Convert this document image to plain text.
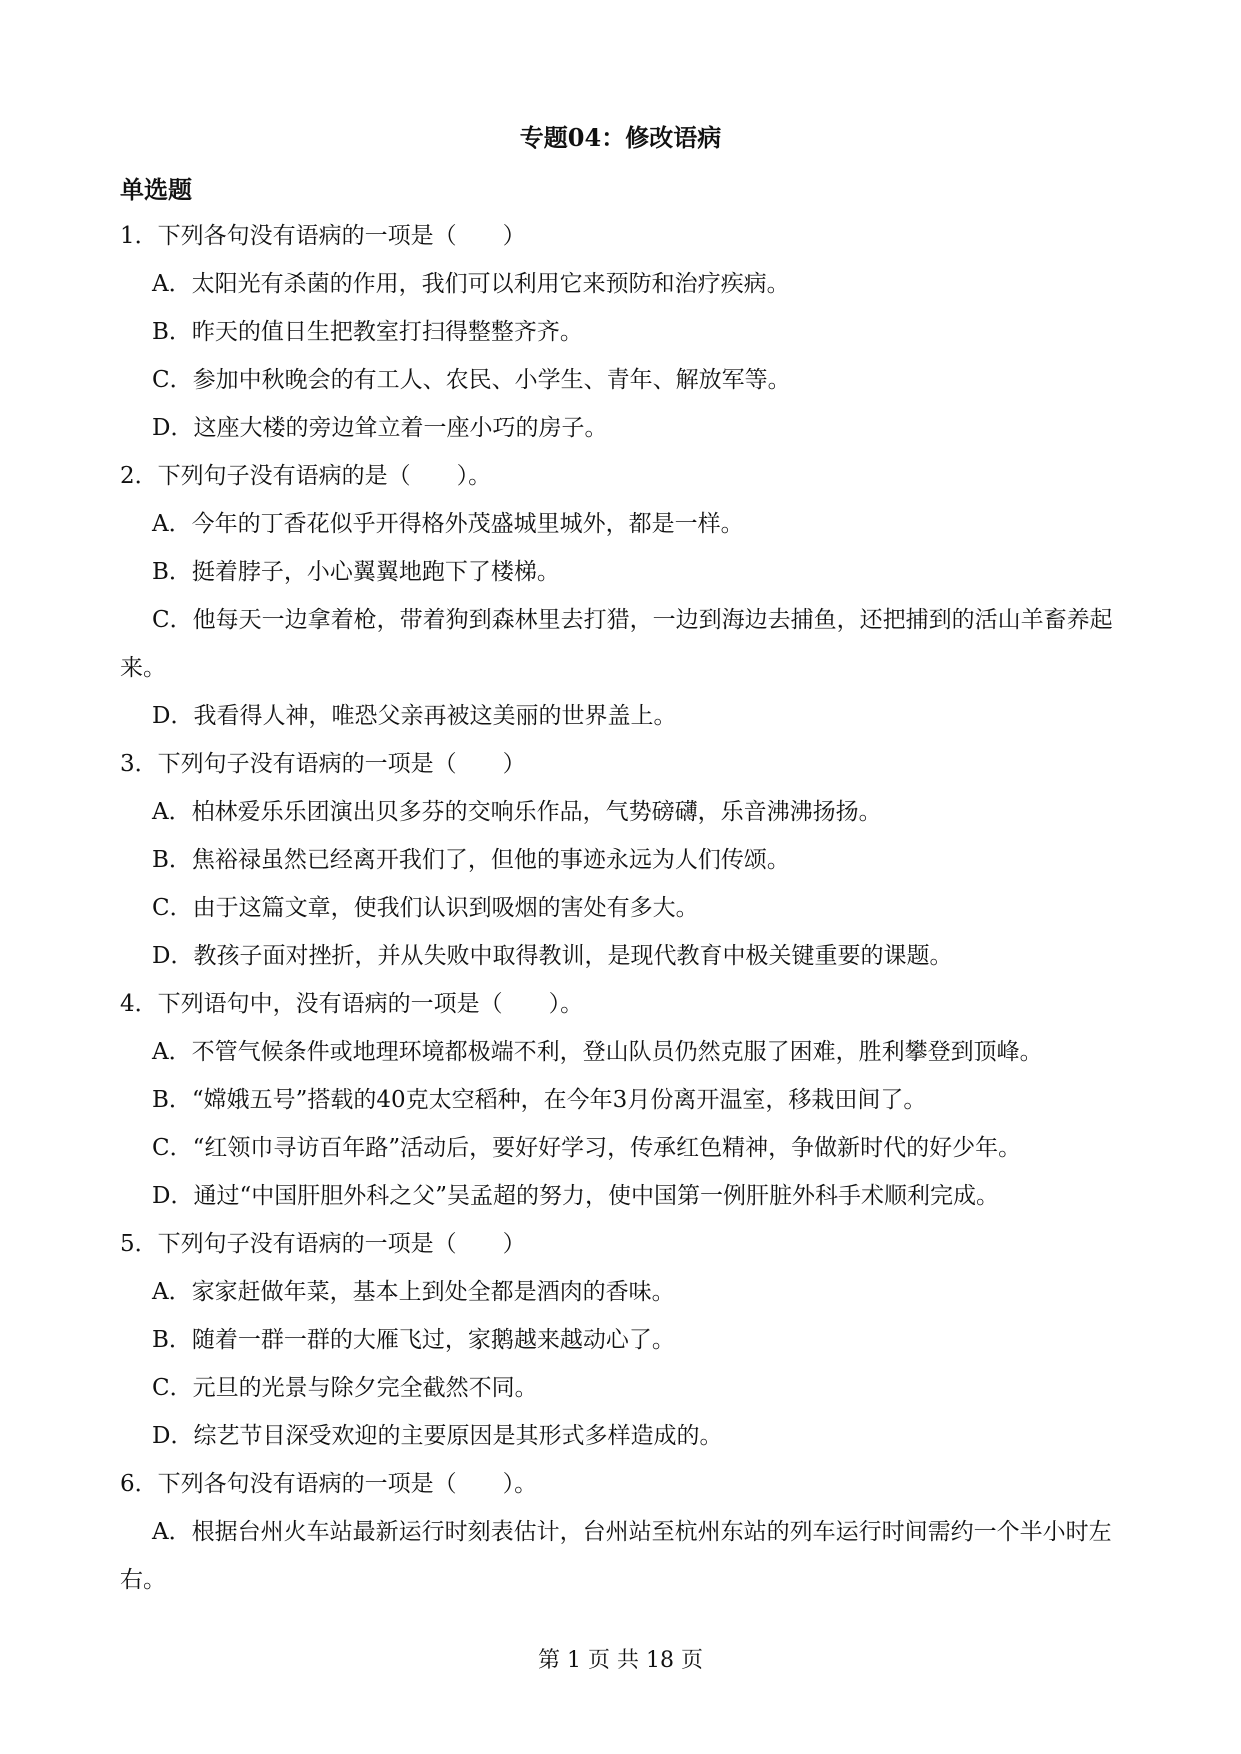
专题04：修改语病
单选题
1．下列各句没有语病的一项是（　　）
A．太阳光有杀菌的作用，我们可以利用它来预防和治疗疾病。
B．昨天的值日生把教室打扫得整整齐齐。
C．参加中秋晚会的有工人、农民、小学生、青年、解放军等。
D．这座大楼的旁边耸立着一座小巧的房子。
2．下列句子没有语病的是（　　）。
A．今年的丁香花似乎开得格外茂盛城里城外，都是一样。
B．挺着脖子，小心翼翼地跑下了楼梯。
C．他每天一边拿着枪，带着狗到森林里去打猎，一边到海边去捕鱼，还把捕到的活山羊畜养起来。
D．我看得人神，唯恐父亲再被这美丽的世界盖上。
3．下列句子没有语病的一项是（　　）
A．柏林爱乐乐团演出贝多芬的交响乐作品，气势磅礴，乐音沸沸扬扬。
B．焦裕禄虽然已经离开我们了，但他的事迹永远为人们传颂。
C．由于这篇文章，使我们认识到吸烟的害处有多大。
D．教孩子面对挫折，并从失败中取得教训，是现代教育中极关键重要的课题。
4．下列语句中，没有语病的一项是（　　）。
A．不管气候条件或地理环境都极端不利，登山队员仍然克服了困难，胜利攀登到顶峰。
B．“嫦娥五号”搭载的40克太空稻种，在今年3月份离开温室，移栽田间了。
C．“红领巾寻访百年路”活动后，要好好学习，传承红色精神，争做新时代的好少年。
D．通过“中国肝胆外科之父”吴孟超的努力，使中国第一例肝脏外科手术顺利完成。
5．下列句子没有语病的一项是（　　）
A．家家赶做年菜，基本上到处全都是酒肉的香味。
B．随着一群一群的大雁飞过，家鹅越来越动心了。
C．元旦的光景与除夕完全截然不同。
D．综艺节目深受欢迎的主要原因是其形式多样造成的。
6．下列各句没有语病的一项是（　　）。
A．根据台州火车站最新运行时刻表估计，台州站至杭州东站的列车运行时间需约一个半小时左右。
第 1 页 共 18 页
